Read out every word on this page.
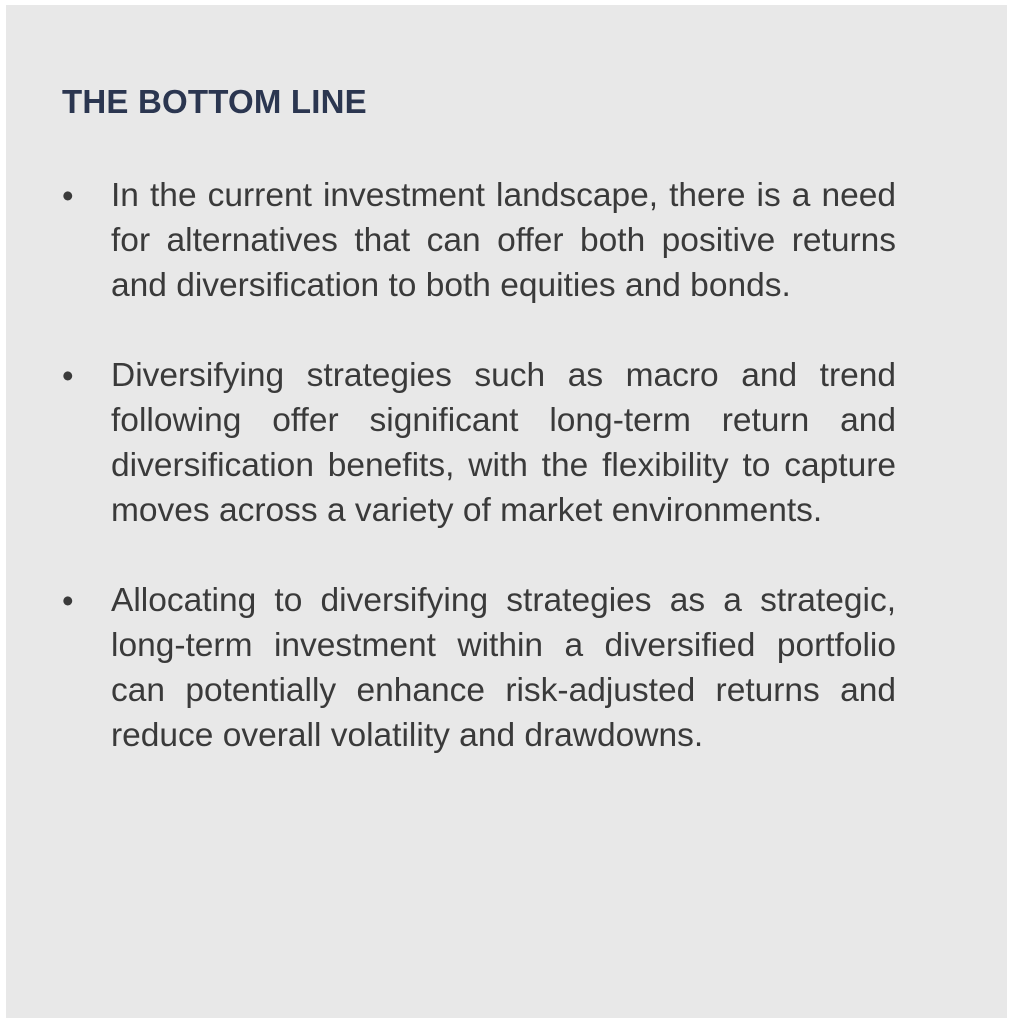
THE BOTTOM LINE
• In the current investment landscape, there is a need for alternatives that can offer both positive returns and diversification to both equities and bonds.
• Diversifying strategies such as macro and trend following offer significant long-term return and diversification benefits, with the flexibility to capture moves across a variety of market environments.
• Allocating to diversifying strategies as a strategic, long-term investment within a diversified portfolio can potentially enhance risk-adjusted returns and reduce overall volatility and drawdowns.
